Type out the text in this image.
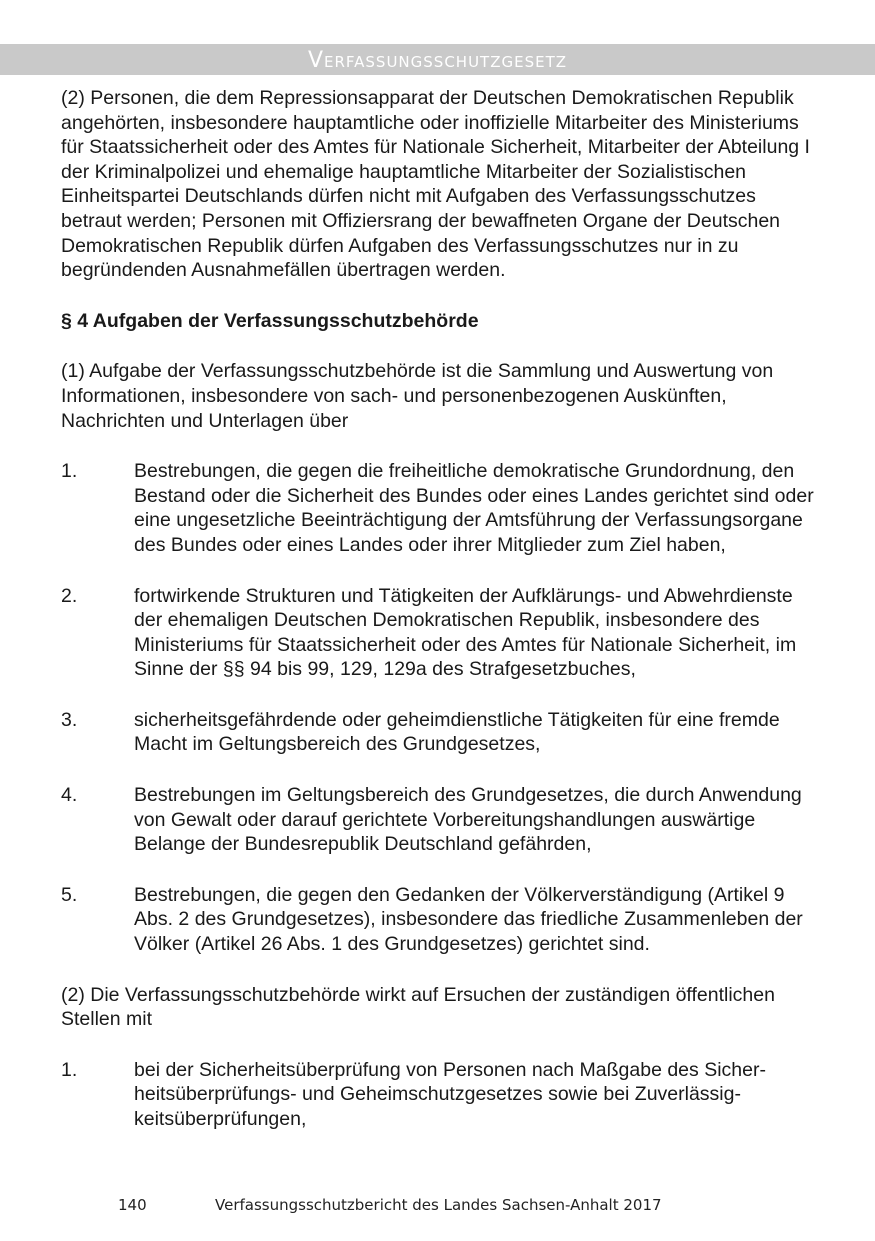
Verfassungsschutzgesetz

(2) Personen, die dem Repressionsapparat der Deutschen Demokratischen Republik angehörten, insbesondere hauptamtliche oder inoffizielle Mitarbeiter des Ministeriums für Staatssicherheit oder des Amtes für Nationale Sicherheit, Mitarbeiter der Abteilung I der Kriminalpolizei und ehemalige hauptamtliche Mitarbeiter der Sozialistischen Einheitspartei Deutschlands dürfen nicht mit Aufgaben des Verfassungsschutzes betraut werden; Personen mit Offiziersrang der bewaffneten Organe der Deutschen Demokratischen Republik dürfen Aufgaben des Verfassungsschutzes nur in zu begründenden Ausnahmefällen übertragen werden.

§ 4 Aufgaben der Verfassungsschutzbehörde

(1) Aufgabe der Verfassungsschutzbehörde ist die Sammlung und Auswertung von Informationen, insbesondere von sach- und personenbezogenen Auskünften, Nachrichten und Unterlagen über

1.	Bestrebungen, die gegen die freiheitliche demokratische Grundordnung, den Bestand oder die Sicherheit des Bundes oder eines Landes gerichtet sind oder eine ungesetzliche Beeinträchtigung der Amtsführung der Verfassungsorgane des Bundes oder eines Landes oder ihrer Mitglieder zum Ziel haben,
2.	fortwirkende Strukturen und Tätigkeiten der Aufklärungs- und Abwehrdienste der ehemaligen Deutschen Demokratischen Republik, insbesondere des Ministeriums für Staatssicherheit oder des Amtes für Nationale Sicherheit, im Sinne der §§ 94 bis 99, 129, 129a des Strafgesetzbuches,
3.	sicherheitsgefährdende oder geheimdienstliche Tätigkeiten für eine fremde Macht im Geltungsbereich des Grundgesetzes,
4.	Bestrebungen im Geltungsbereich des Grundgesetzes, die durch Anwendung von Gewalt oder darauf gerichtete Vorbereitungshandlungen auswärtige Belange der Bundesrepublik Deutschland gefährden,
5.	Bestrebungen, die gegen den Gedanken der Völkerverständigung (Artikel 9 Abs. 2 des Grundgesetzes), insbesondere das friedliche Zusammenleben der Völker (Artikel 26 Abs. 1 des Grundgesetzes) gerichtet sind.

(2) Die Verfassungsschutzbehörde wirkt auf Ersuchen der zuständigen öffentlichen Stellen mit

1.	bei der Sicherheitsüberprüfung von Personen nach Maßgabe des Sicherheitsüberprüfungs- und Geheimschutzgesetzes sowie bei Zuverlässigkeitsüberprüfungen,
140	Verfassungsschutzbericht des Landes Sachsen-Anhalt 2017
